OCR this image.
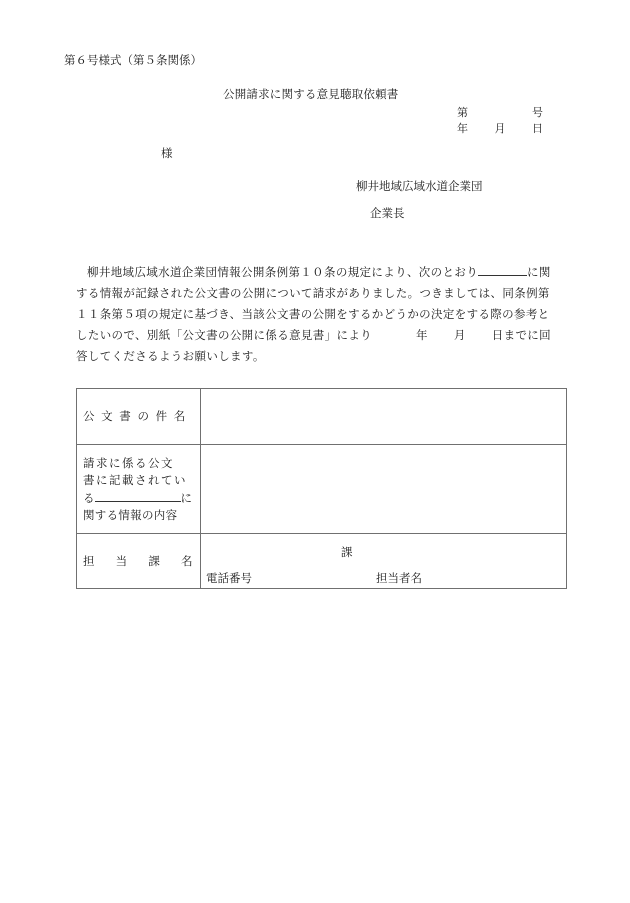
第６号様式（第５条関係）
公開請求に関する意見聴取依頼書
第	号
年 月 日
様
柳井地域広域水道企業団
企業長
柳井地域広域水道企業団情報公開条例第１０条の規定により、次のとおり	に関
する情報が記録された公文書の公開について請求がありました。つきましては、同条例第
１１条第５項の規定に基づき、当該公文書の公開をするかどうかの決定をする際の参考と
したいので、別紙「公文書の公開に係る意見書」により	年 月 日までに回
答してくださるようお願いします。
公 文 書 の 件 名	

請求に係る公文
書に記載されてい
る に
関する情報の内容	

担 当 課 名	課
電話番号 担当者名
